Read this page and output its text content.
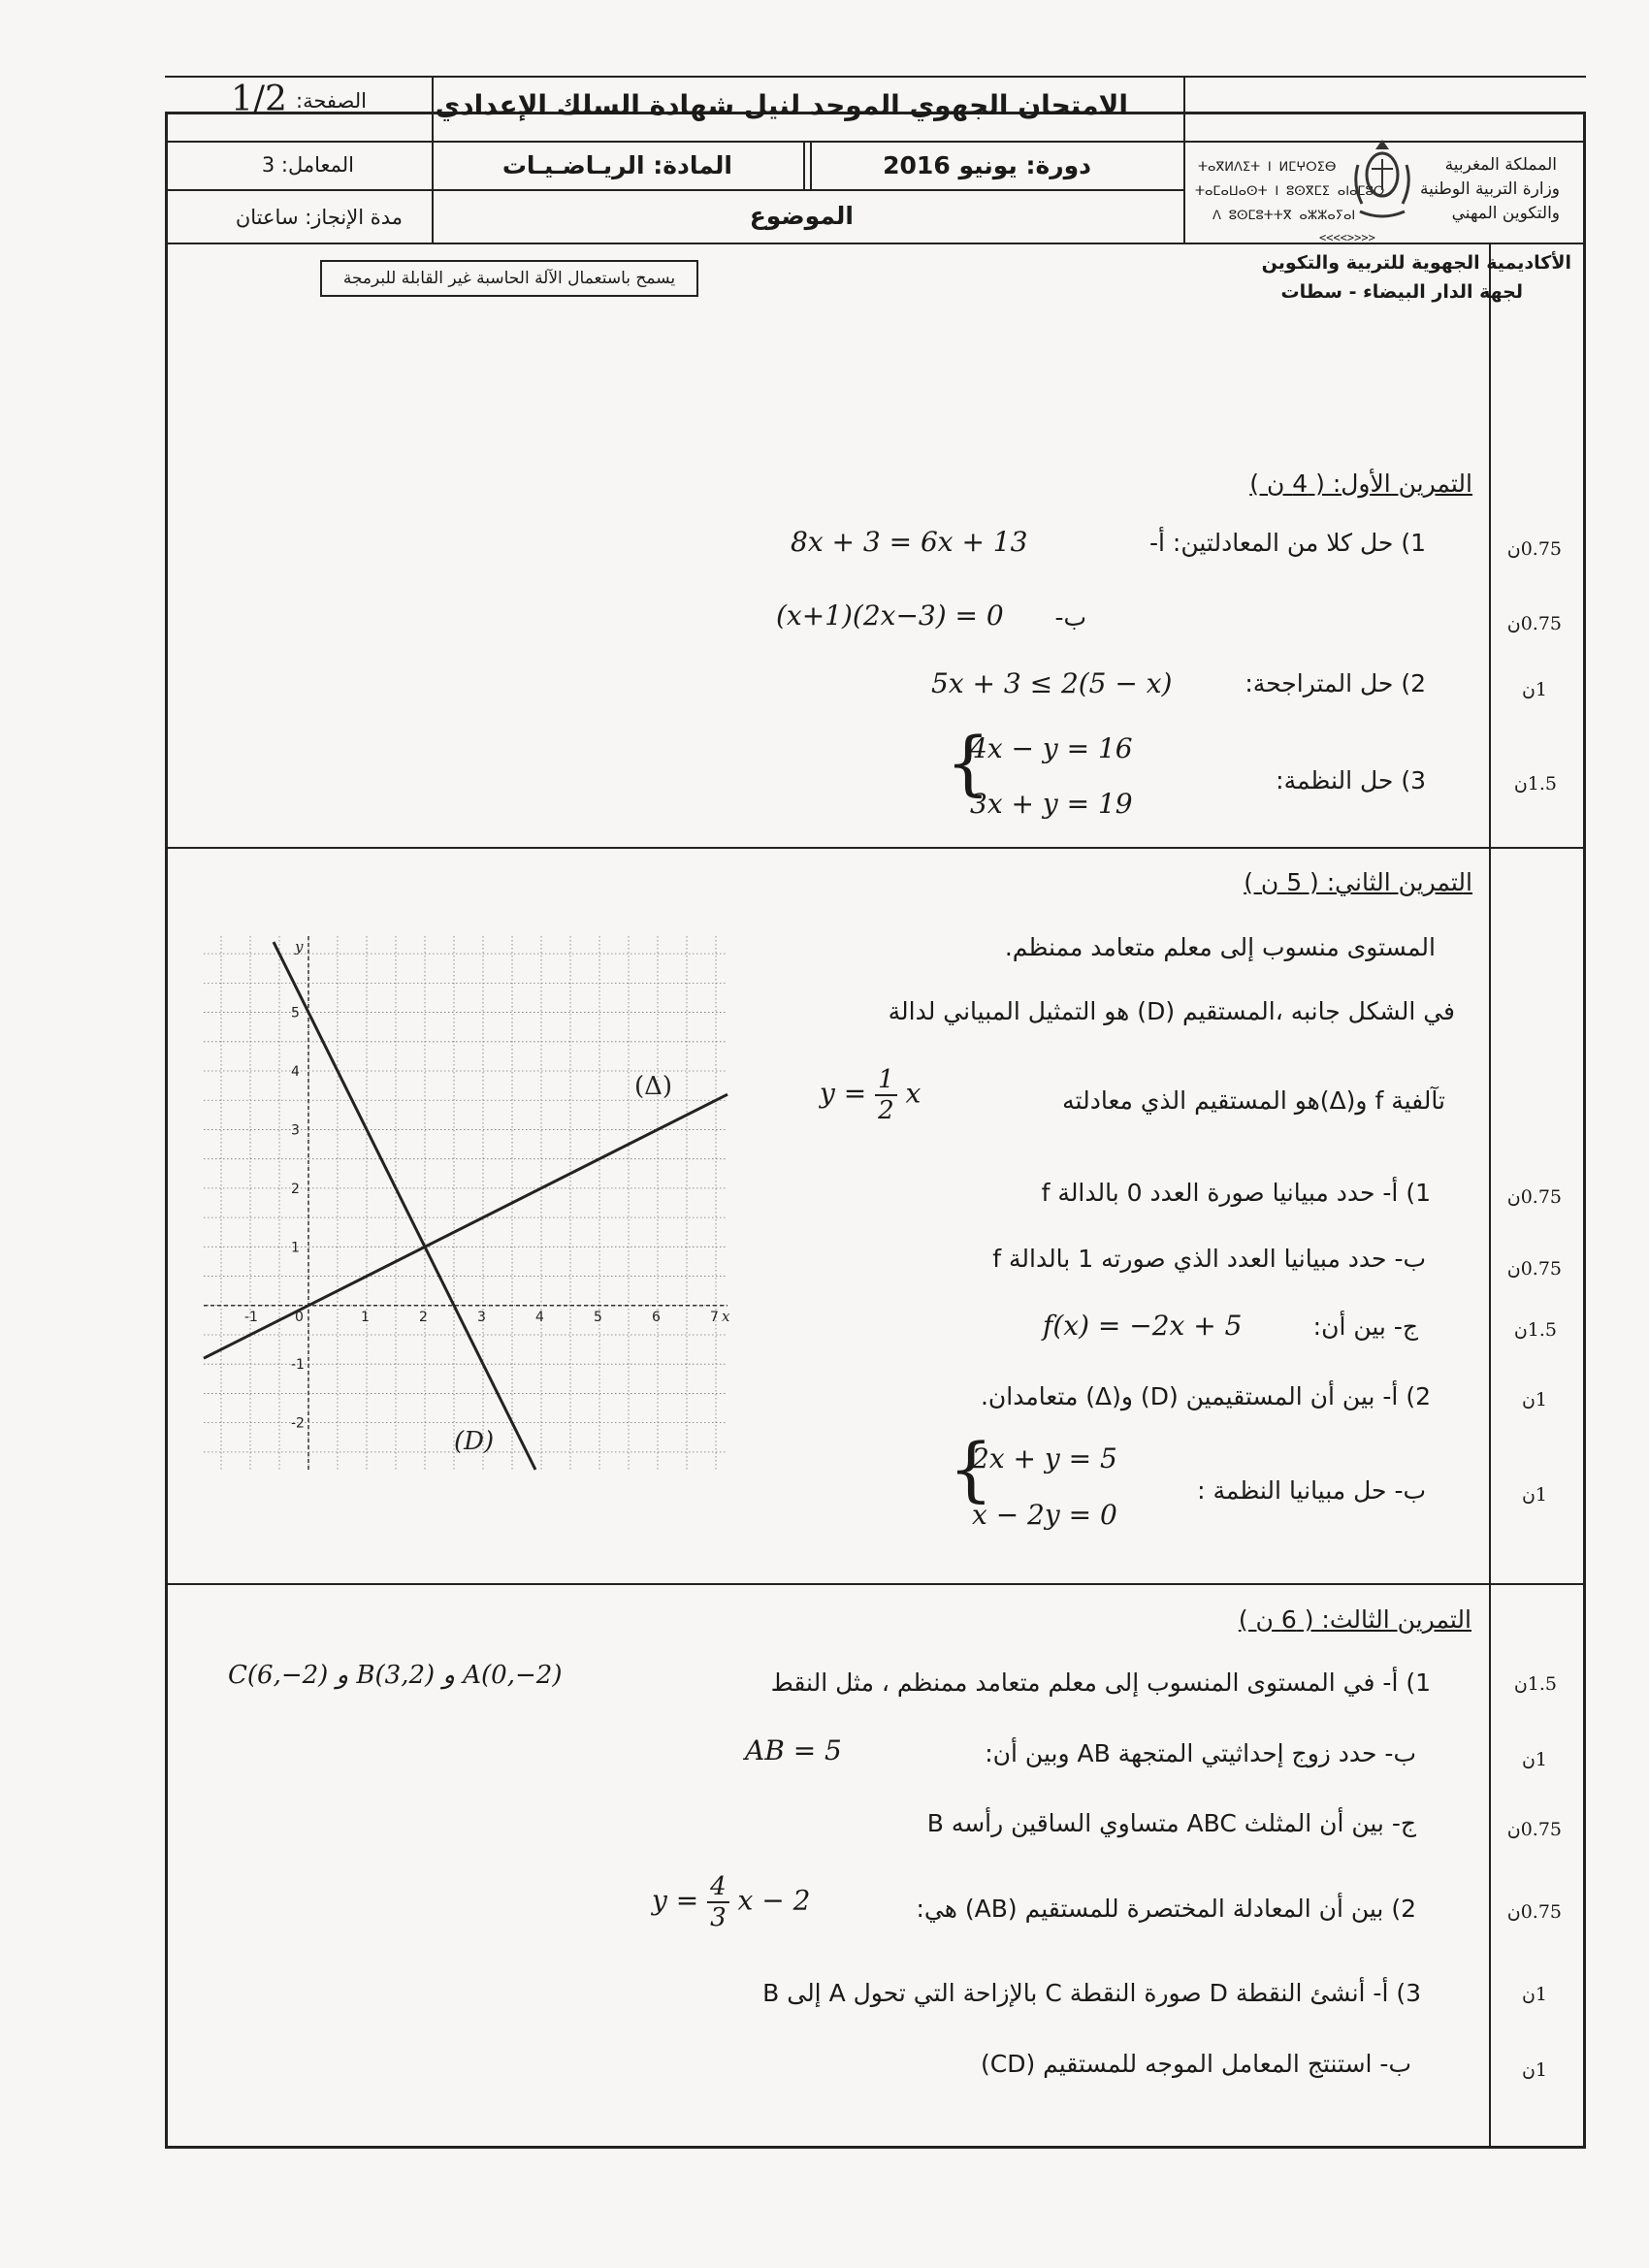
الامتحان الجهوي الموحد لنيل شهادة السلك الإعدادي
الصفحة:
1/2
المادة: الريـاضـيـات	دورة: يونيو 2016
المعامل: 3
الموضوع
مدة الإنجاز: ساعتان
المملكة المغربية
وزارة التربية الوطنية
والتكوين المهني
ⵜⴰⴳⵍⴷⵉⵜ ⵏ ⵍⵎⵖⵔⵉⴱ
ⵜⴰⵎⴰⵡⴰⵙⵜ ⵏ ⵓⵙⴳⵎⵉ ⴰⵏⴰⵎⵓⵔ
ⴷ ⵓⵙⵎⵓⵜⵜⴳ ⴰⵣⵣⴰⵢⴰⵏ
<<<<>>>>
الأكاديمية الجهوية للتربية والتكوين
لجهة الدار البيضاء - سطات
يسمح باستعمال الآلة الحاسبة غير القابلة للبرمجة
التمرين الأول: ( 4 ن )
1) حل كلا من المعادلتين: أ-
8x + 3 = 6x + 13
ب-
(x+1)(2x−3) = 0
2) حل المتراجحة:
5x + 3 ≤ 2(5 − x)
3) حل النظمة:
{
4x − y = 16
3x + y = 19
0.75ن
0.75ن
1ن
1.5ن
التمرين الثاني: ( 5 ن )
المستوى منسوب إلى معلم متعامد ممنظم.
في الشكل جانبه ،المستقيم (D) هو التمثيل المبياني لدالة
تآلفية f و(Δ)هو المستقيم الذي معادلته
$y = \frac{1}{2}$ x
1) أ- حدد مبيانيا صورة العدد 0 بالدالة f
ب- حدد مبيانيا العدد الذي صورته 1 بالدالة f
ج- بين أن:
f(x) = −2x + 5
2) أ- بين أن المستقيمين (D) و(Δ) متعامدان.
ب- حل مبيانيا النظمة :
{
2x + y = 5
x − 2y = 0
0.75ن
0.75ن
1.5ن
1ن
1ن
-1	1	2	3	4	5	6	7
-2
-1
1
2
3
4
5
0	x
y
(D)
(Δ)
التمرين الثالث: ( 6 ن )
1) أ- في المستوى المنسوب إلى معلم متعامد ممنظم ، مثل النقط
C(6,−2) و B(3,2) و A(0,−2)
ب- حدد زوج إحداثيتي المتجهة AB وبين أن:
AB = 5
ج- بين أن المثلث ABC متساوي الساقين رأسه B
2) بين أن المعادلة المختصرة للمستقيم (AB) هي:
$y = \frac{4}{3}$ x − 2
3) أ- أنشئ النقطة D صورة النقطة C بالإزاحة التي تحول A إلى B
ب- استنتج المعامل الموجه للمستقيم (CD)
1.5ن
1ن
0.75ن
0.75ن
1ن
1ن
